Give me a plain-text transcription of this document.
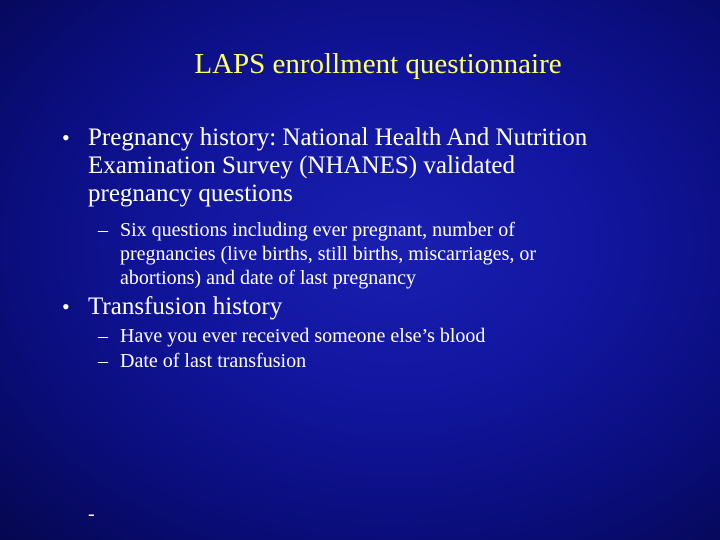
LAPS enrollment questionnaire
• Pregnancy history: National Health And Nutrition
Examination Survey (NHANES) validated
pregnancy questions
– Six questions including ever pregnant, number of
pregnancies (live births, still births, miscarriages, or
abortions) and date of last pregnancy
• Transfusion history
– Have you ever received someone else’s blood
– Date of last transfusion
-
